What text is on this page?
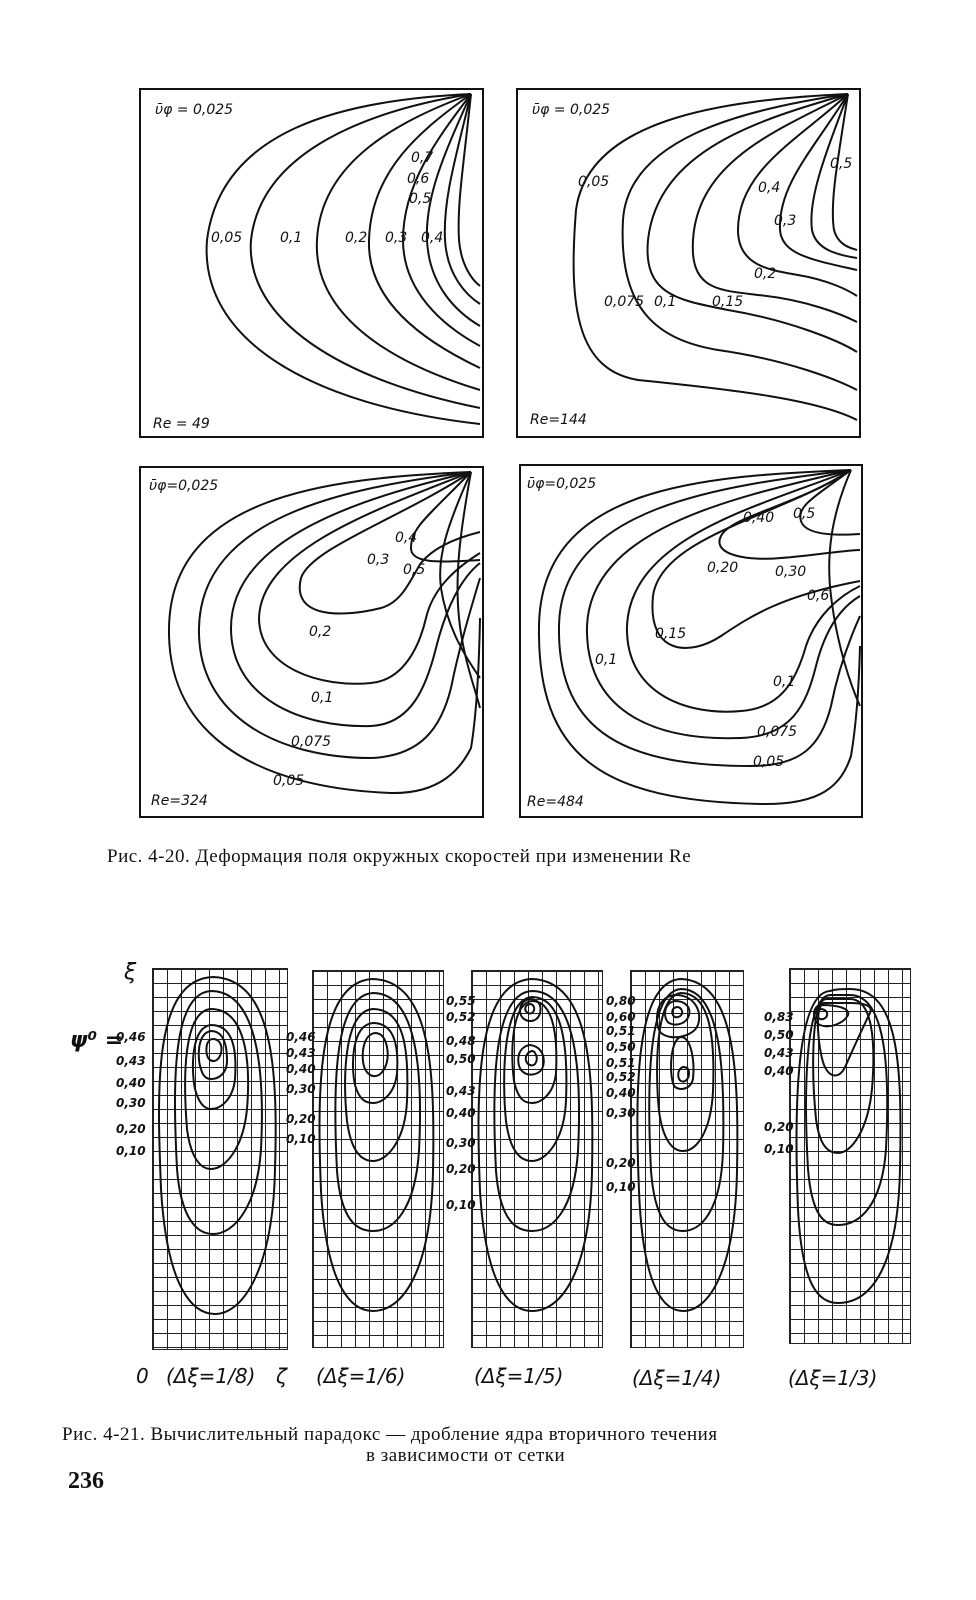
ῡφ = 0,025
0,05	0,1	0,2 0,3 0,4
0,5
0,6
0,7
Re = 49
ῡφ = 0,025
0,05
0,075 0,1	0,15
0,2
0,3
0,4
0,5
Re=144
ῡφ=0,025
0,05
0,075
0,1
0,2
0,3
0,4
0,5
Re=324
ῡφ=0,025
0,05
0,075
0,1
0,1
0,15
0,20	0,30
0,40 0,5
0,6
Re=484
Рис. 4-20. Деформация поля окружных скоростей при изменении Re
ξ
ψ⁰ =
0,46
0,43
0,40
0,30
0,20
0,10
0,46
0,43
0,40
0,30
0,20
0,10
0,55
0,52
0,48
0,50
0,43
0,40
0,30
0,20
0,10
0,80
0,60
0,51
0,50
0,51
0,52
0,40
0,30
0,20
0,10
0,83
0,50
0,43
0,40
0,20
0,10
0 (Δξ=1/8) ζ (Δξ=1/6)	(Δξ=1/5)	(Δξ=1/4)	(Δξ=1/3)
Рис. 4-21. Вычислительный парадокс — дробление ядра вторичного течения
в зависимости от сетки
236
